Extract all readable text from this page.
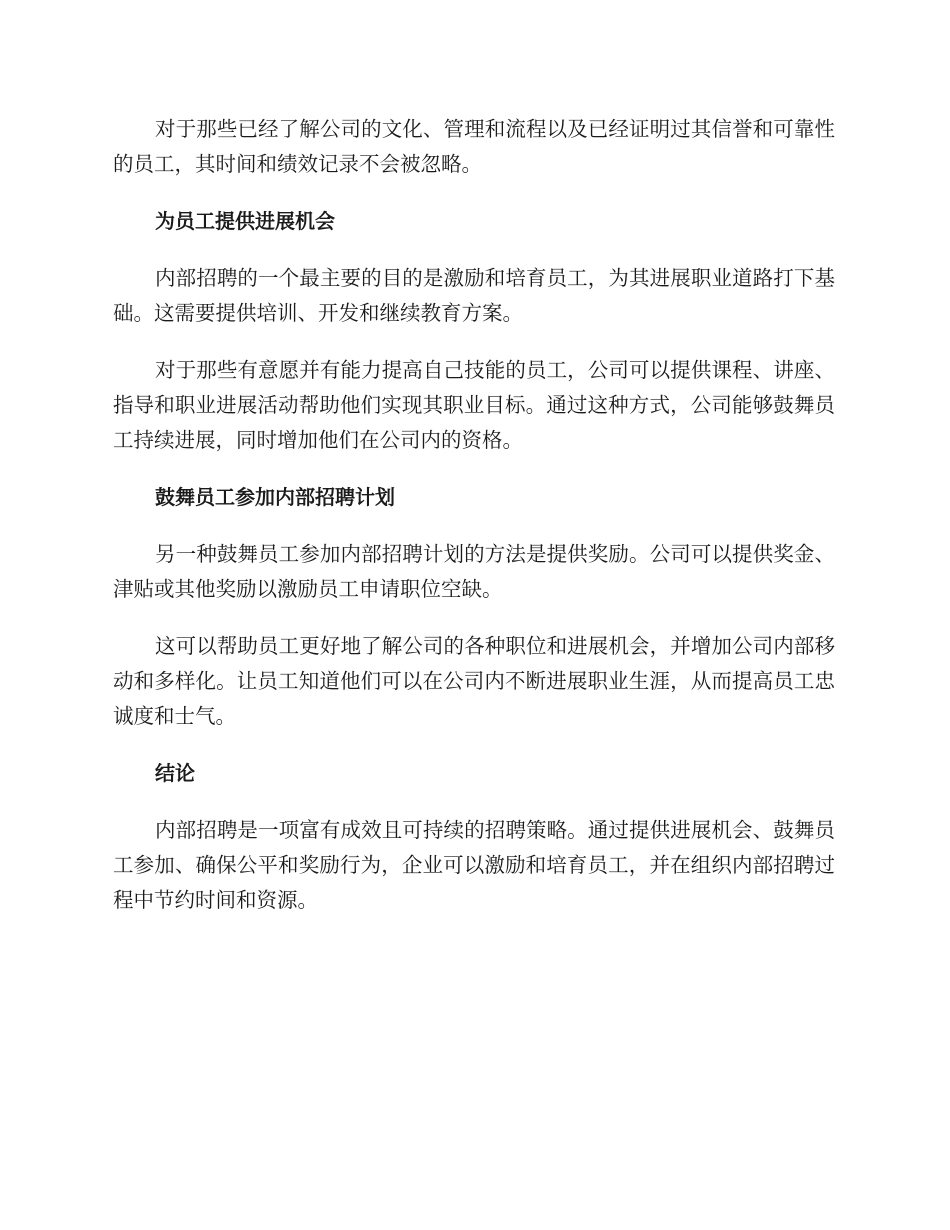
对于那些已经了解公司的文化、管理和流程以及已经证明过其信誉和可靠性的员工，其时间和绩效记录不会被忽略。

为员工提供进展机会

内部招聘的一个最主要的目的是激励和培育员工，为其进展职业道路打下基础。这需要提供培训、开发和继续教育方案。

对于那些有意愿并有能力提高自己技能的员工，公司可以提供课程、讲座、指导和职业进展活动帮助他们实现其职业目标。通过这种方式，公司能够鼓舞员工持续进展，同时增加他们在公司内的资格。

鼓舞员工参加内部招聘计划

另一种鼓舞员工参加内部招聘计划的方法是提供奖励。公司可以提供奖金、津贴或其他奖励以激励员工申请职位空缺。

这可以帮助员工更好地了解公司的各种职位和进展机会，并增加公司内部移动和多样化。让员工知道他们可以在公司内不断进展职业生涯，从而提高员工忠诚度和士气。

结论

内部招聘是一项富有成效且可持续的招聘策略。通过提供进展机会、鼓舞员工参加、确保公平和奖励行为，企业可以激励和培育员工，并在组织内部招聘过程中节约时间和资源。
